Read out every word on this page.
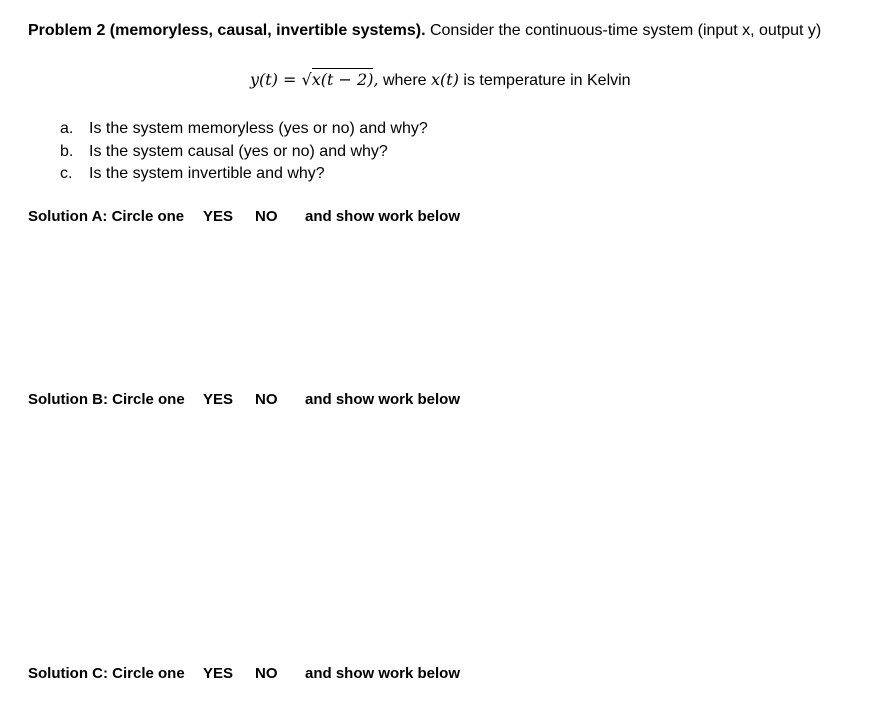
Problem 2 (memoryless, causal, invertible systems). Consider the continuous-time system (input x, output y)
y(t) = √x(t − 2), where x(t) is temperature in Kelvin
a. Is the system memoryless (yes or no) and why?
b. Is the system causal (yes or no) and why?
c. Is the system invertible and why?
Solution A: Circle one YES NO and show work below
Solution B: Circle one YES NO and show work below
Solution C: Circle one YES NO and show work below
